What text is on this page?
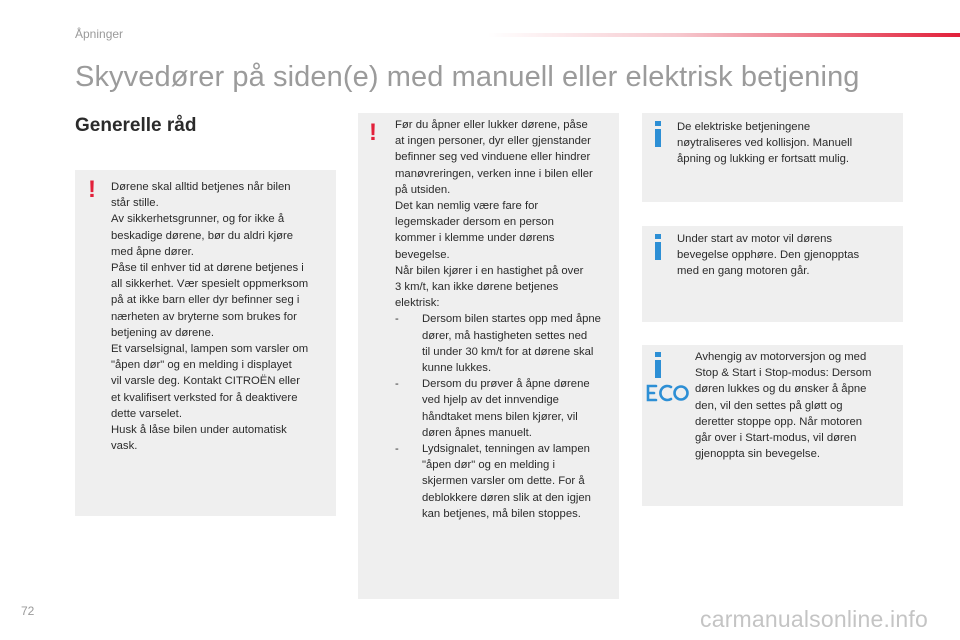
Åpninger
Skyvedører på siden(e) med manuell eller elektrisk betjening
Generelle råd
! Dørene skal alltid betjenes når bilen
står stille.
Av sikkerhetsgrunner, og for ikke å
beskadige dørene, bør du aldri kjøre
med åpne dører.
Påse til enhver tid at dørene betjenes i
all sikkerhet. Vær spesielt oppmerksom
på at ikke barn eller dyr befinner seg i
nærheten av bryterne som brukes for
betjening av dørene.
Et varselsignal, lampen som varsler om
"åpen dør" og en melding i displayet
vil varsle deg. Kontakt CITROËN eller
et kvalifisert verksted for å deaktivere
dette varselet.
Husk å låse bilen under automatisk
vask.
! Før du åpner eller lukker dørene, påse
at ingen personer, dyr eller gjenstander
befinner seg ved vinduene eller hindrer
manøvreringen, verken inne i bilen eller
på utsiden.
Det kan nemlig være fare for
legemskader dersom en person
kommer i klemme under dørens
bevegelse.
Når bilen kjører i en hastighet på over
3 km/t, kan ikke dørene betjenes
elektrisk:
- Dersom bilen startes opp med åpne
dører, må hastigheten settes ned
til under 30 km/t for at dørene skal
kunne lukkes.
- Dersom du prøver å åpne dørene
ved hjelp av det innvendige
håndtaket mens bilen kjører, vil
døren åpnes manuelt.
- Lydsignalet, tenningen av lampen
"åpen dør" og en melding i
skjermen varsler om dette. For å
deblokkere døren slik at den igjen
kan betjenes, må bilen stoppes.
De elektriske betjeningene
nøytraliseres ved kollisjon. Manuell
åpning og lukking er fortsatt mulig.
Under start av motor vil dørens
bevegelse opphøre. Den gjenopptas
med en gang motoren går.
Avhengig av motorversjon og med
Stop & Start i Stop-modus: Dersom
døren lukkes og du ønsker å åpne
den, vil den settes på gløtt og
deretter stoppe opp. Når motoren
går over i Start-modus, vil døren
gjenoppta sin bevegelse.
72	carmanualsonline.info
